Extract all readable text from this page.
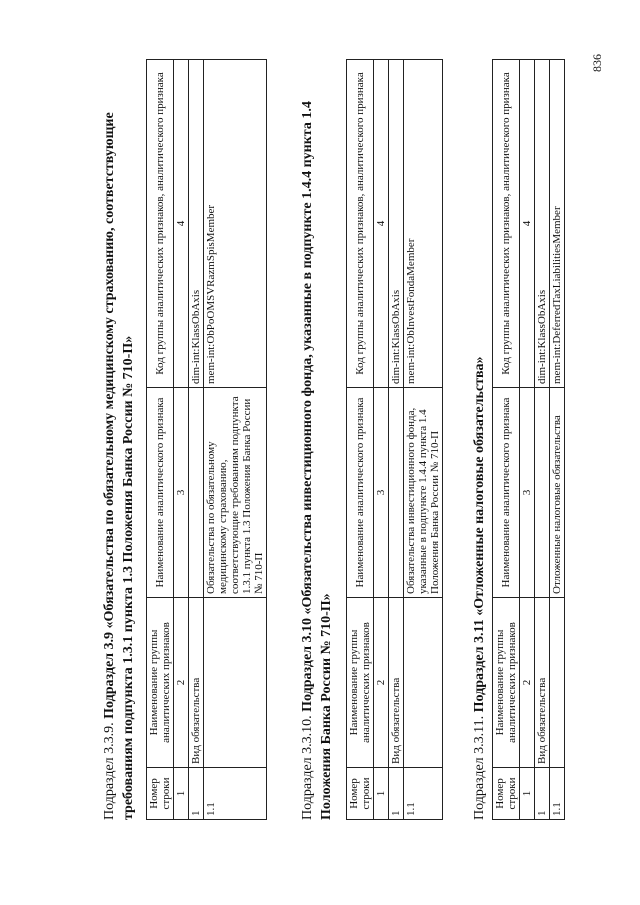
Подраздел 3.3.9. Подраздел 3.9 «Обязательства по обязательному медицинскому страхованию, соответствующие требованиям подпункта 1.3.1 пункта 1.3 Положения Банка России № 710-П» Номер строки	Наименование группы аналитических признаков	Наименование аналитического признака	Код группы аналитических признаков, аналитического признака
1	2	3	4
1	Вид обязательства		dim-int:KlassObAxis
1.1		Обязательства по обязательному медицинскому страхованию, соответствующие требованиям подпункта 1.3.1 пункта 1.3 Положения Банка России № 710-П	mem-int:ObPoOMSVRazmSpisMember

Подраздел 3.3.10. Подраздел 3.10 «Обязательства инвестиционного фонда, указанные в подпункте 1.4.4 пункта 1.4 Положения Банка России № 710-П» Номер строки	Наименование группы аналитических признаков	Наименование аналитического признака	Код группы аналитических признаков, аналитического признака
1	2	3	4
1	Вид обязательства		dim-int:KlassObAxis
1.1		Обязательства инвестиционного фонда, указанные в подпункте 1.4.4 пункта 1.4 Положения Банка России № 710-П	mem-int:ObInvestFondaMember

Подраздел 3.3.11. Подраздел 3.11 «Отложенные налоговые обязательства»

Номер строки	Наименование группы аналитических признаков	Наименование аналитического признака	Код группы аналитических признаков, аналитического признака
1	2	3	4
1	Вид обязательства		dim-int:KlassObAxis
1.1		Отложенные налоговые обязательства	mem-int:DeferredTaxLiabilitiesMember
836
